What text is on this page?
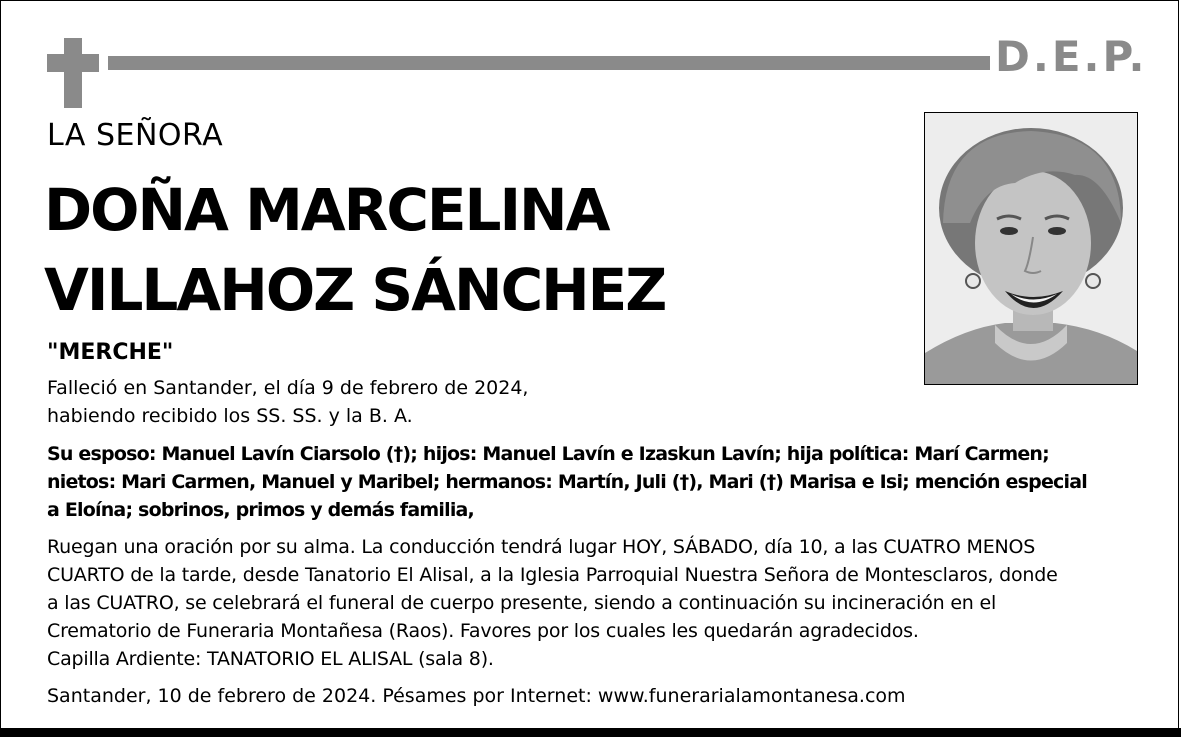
D.E.P.
LA SEÑORA
DOÑA MARCELINA
VILLAHOZ SÁNCHEZ
"MERCHE"
Falleció en Santander, el día 9 de febrero de 2024,
habiendo recibido los SS. SS. y la B. A.
Su esposo: Manuel Lavín Ciarsolo (†); hijos: Manuel Lavín e Izaskun Lavín; hija política: Marí Carmen;
nietos: Mari Carmen, Manuel y Maribel; hermanos: Martín, Juli (†), Mari (†) Marisa e Isi; mención especial
a Eloína; sobrinos, primos y demás familia,
Ruegan una oración por su alma. La conducción tendrá lugar HOY, SÁBADO, día 10, a las CUATRO MENOS
CUARTO de la tarde, desde Tanatorio El Alisal, a la Iglesia Parroquial Nuestra Señora de Montesclaros, donde
a las CUATRO, se celebrará el funeral de cuerpo presente, siendo a continuación su incineración en el
Crematorio de Funeraria Montañesa (Raos). Favores por los cuales les quedarán agradecidos.
Capilla Ardiente: TANATORIO EL ALISAL (sala 8).
Santander, 10 de febrero de 2024. Pésames por Internet: www.funerarialamontanesa.com
